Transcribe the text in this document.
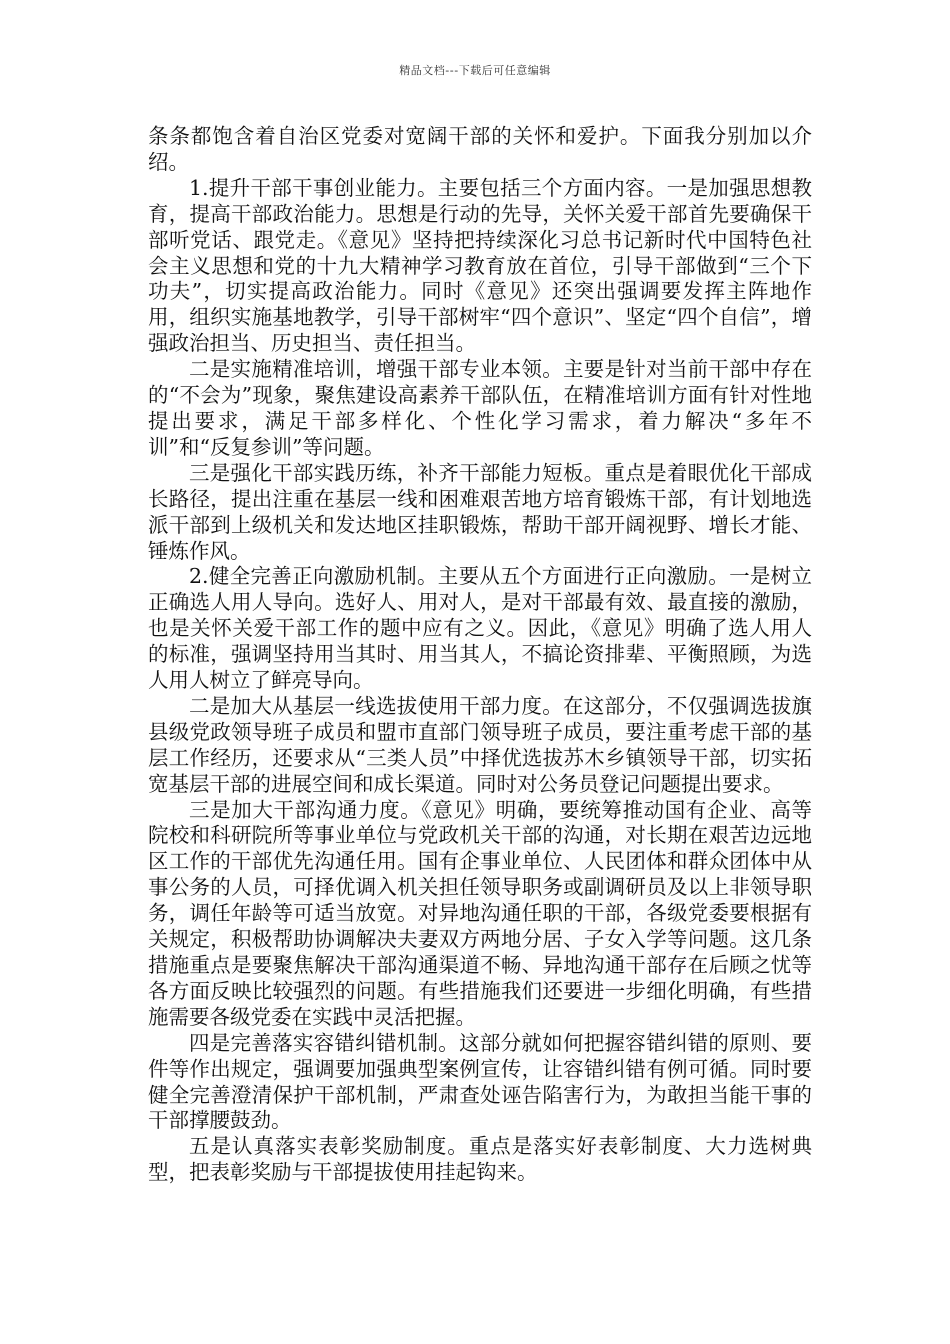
精品文档---下载后可任意编辑

条条都饱含着自治区党委对宽阔干部的关怀和爱护。下面我分别加以介绍。

1.提升干部干事创业能力。主要包括三个方面内容。一是加强思想教育，提高干部政治能力。思想是行动的先导，关怀关爱干部首先要确保干部听党话、跟党走。《意见》坚持把持续深化习总书记新时代中国特色社会主义思想和党的十九大精神学习教育放在首位，引导干部做到“三个下功夫”，切实提高政治能力。同时《意见》还突出强调要发挥主阵地作用，组织实施基地教学，引导干部树牢“四个意识”、坚定“四个自信”，增强政治担当、历史担当、责任担当。

二是实施精准培训，增强干部专业本领。主要是针对当前干部中存在的“不会为”现象，聚焦建设高素养干部队伍，在精准培训方面有针对性地提出要求，满足干部多样化、个性化学习需求，着力解决“多年不训”和“反复参训”等问题。

三是强化干部实践历练，补齐干部能力短板。重点是着眼优化干部成长路径，提出注重在基层一线和困难艰苦地方培育锻炼干部，有计划地选派干部到上级机关和发达地区挂职锻炼，帮助干部开阔视野、增长才能、锤炼作风。

2.健全完善正向激励机制。主要从五个方面进行正向激励。一是树立正确选人用人导向。选好人、用对人，是对干部最有效、最直接的激励，也是关怀关爱干部工作的题中应有之义。因此，《意见》明确了选人用人的标准，强调坚持用当其时、用当其人，不搞论资排辈、平衡照顾，为选人用人树立了鲜亮导向。

二是加大从基层一线选拔使用干部力度。在这部分，不仅强调选拔旗县级党政领导班子成员和盟市直部门领导班子成员，要注重考虑干部的基层工作经历，还要求从“三类人员”中择优选拔苏木乡镇领导干部，切实拓宽基层干部的进展空间和成长渠道。同时对公务员登记问题提出要求。

三是加大干部沟通力度。《意见》明确，要统筹推动国有企业、高等院校和科研院所等事业单位与党政机关干部的沟通，对长期在艰苦边远地区工作的干部优先沟通任用。国有企事业单位、人民团体和群众团体中从事公务的人员，可择优调入机关担任领导职务或副调研员及以上非领导职务，调任年龄等可适当放宽。对异地沟通任职的干部，各级党委要根据有关规定，积极帮助协调解决夫妻双方两地分居、子女入学等问题。这几条措施重点是要聚焦解决干部沟通渠道不畅、异地沟通干部存在后顾之忧等各方面反映比较强烈的问题。有些措施我们还要进一步细化明确，有些措施需要各级党委在实践中灵活把握。

四是完善落实容错纠错机制。这部分就如何把握容错纠错的原则、要件等作出规定，强调要加强典型案例宣传，让容错纠错有例可循。同时要健全完善澄清保护干部机制，严肃查处诬告陷害行为，为敢担当能干事的干部撑腰鼓劲。

五是认真落实表彰奖励制度。重点是落实好表彰制度、大力选树典型，把表彰奖励与干部提拔使用挂起钩来。
